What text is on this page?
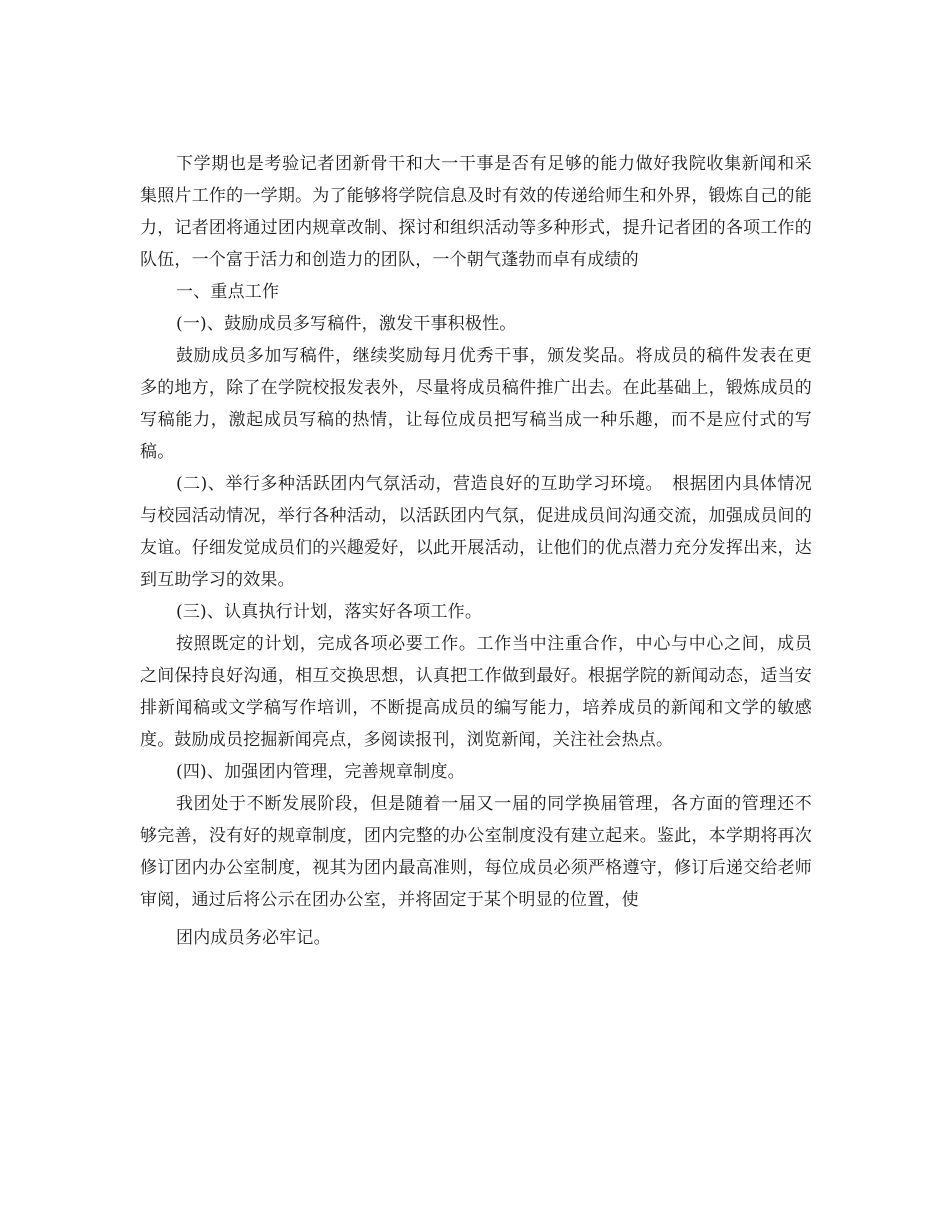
下学期也是考验记者团新骨干和大一干事是否有足够的能力做好我院收集新闻和采集照片工作的一学期。为了能够将学院信息及时有效的传递给师生和外界，锻炼自己的能力，记者团将通过团内规章改制、探讨和组织活动等多种形式，提升记者团的各项工作的队伍，一个富于活力和创造力的团队，一个朝气蓬勃而卓有成绩的

一、重点工作

(一)、鼓励成员多写稿件，激发干事积极性。

鼓励成员多加写稿件，继续奖励每月优秀干事，颁发奖品。将成员的稿件发表在更多的地方，除了在学院校报发表外，尽量将成员稿件推广出去。在此基础上，锻炼成员的写稿能力，激起成员写稿的热情，让每位成员把写稿当成一种乐趣，而不是应付式的写稿。

(二)、举行多种活跃团内气氛活动，营造良好的互助学习环境。　根据团内具体情况与校园活动情况，举行各种活动，以活跃团内气氛，促进成员间沟通交流，加强成员间的友谊。仔细发觉成员们的兴趣爱好，以此开展活动，让他们的优点潜力充分发挥出来，达到互助学习的效果。

(三)、认真执行计划，落实好各项工作。

按照既定的计划，完成各项必要工作。工作当中注重合作，中心与中心之间，成员之间保持良好沟通，相互交换思想，认真把工作做到最好。根据学院的新闻动态，适当安排新闻稿或文学稿写作培训，不断提高成员的编写能力，培养成员的新闻和文学的敏感度。鼓励成员挖掘新闻亮点，多阅读报刊，浏览新闻，关注社会热点。

(四)、加强团内管理，完善规章制度。

我团处于不断发展阶段，但是随着一届又一届的同学换届管理，各方面的管理还不够完善，没有好的规章制度，团内完整的办公室制度没有建立起来。鉴此，本学期将再次修订团内办公室制度，视其为团内最高准则，每位成员必须严格遵守，修订后递交给老师审阅，通过后将公示在团办公室，并将固定于某个明显的位置，使

团内成员务必牢记。
